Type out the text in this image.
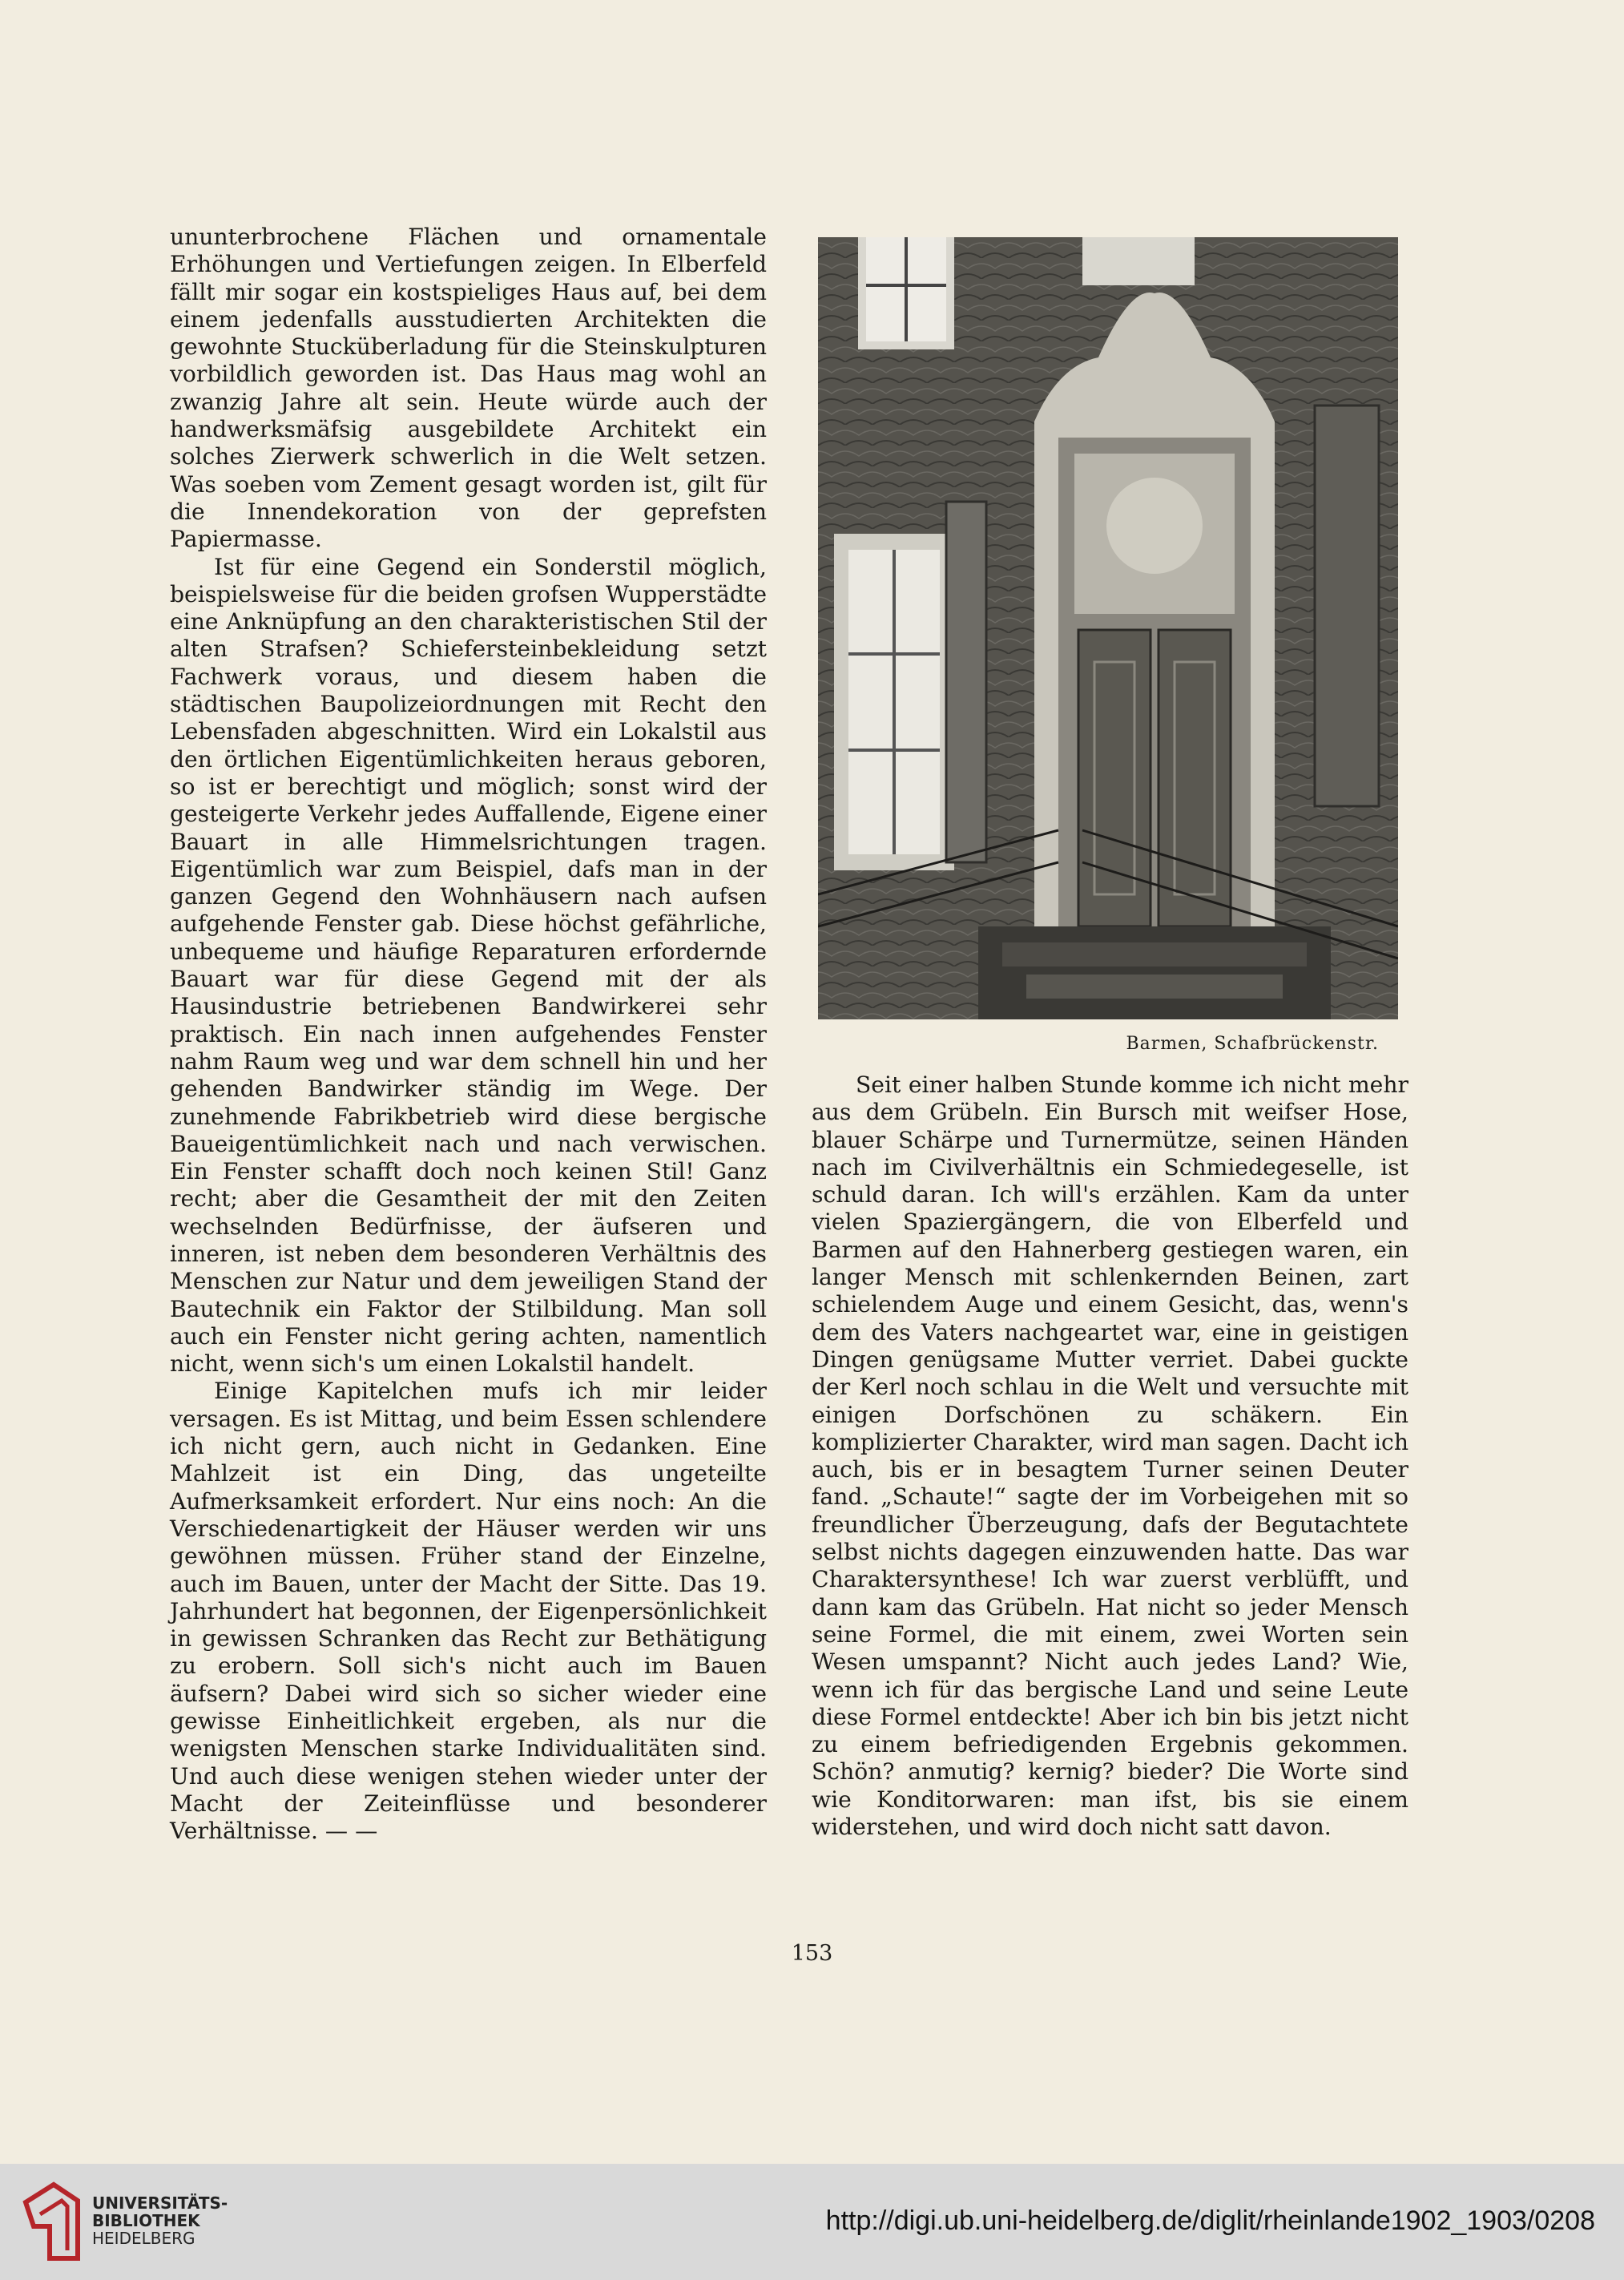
ununterbrochene Flächen und ornamentale Erhöhungen und Vertiefungen zeigen. In Elberfeld fällt mir sogar ein kostspieliges Haus auf, bei dem einem jedenfalls ausstudierten Architekten die gewohnte Stucküberladung für die Steinskulpturen vorbildlich geworden ist. Das Haus mag wohl an zwanzig Jahre alt sein. Heute würde auch der handwerksmäfsig ausgebildete Architekt ein solches Zierwerk schwerlich in die Welt setzen. Was soeben vom Zement gesagt worden ist, gilt für die Innendekoration von der geprefsten Papiermasse.

Ist für eine Gegend ein Sonderstil möglich, beispielsweise für die beiden grofsen Wupperstädte eine Anknüpfung an den charakteristischen Stil der alten Strafsen? Schiefersteinbekleidung setzt Fachwerk voraus, und diesem haben die städtischen Baupolizeiordnungen mit Recht den Lebensfaden abgeschnitten. Wird ein Lokalstil aus den örtlichen Eigentümlichkeiten heraus geboren, so ist er berechtigt und möglich; sonst wird der gesteigerte Verkehr jedes Auffallende, Eigene einer Bauart in alle Himmelsrichtungen tragen. Eigentümlich war zum Beispiel, dafs man in der ganzen Gegend den Wohnhäusern nach aufsen aufgehende Fenster gab. Diese höchst gefährliche, unbequeme und häufige Reparaturen erfordernde Bauart war für diese Gegend mit der als Hausindustrie betriebenen Bandwirkerei sehr praktisch. Ein nach innen aufgehendes Fenster nahm Raum weg und war dem schnell hin und her gehenden Bandwirker ständig im Wege. Der zunehmende Fabrikbetrieb wird diese bergische Baueigentümlichkeit nach und nach verwischen. Ein Fenster schafft doch noch keinen Stil! Ganz recht; aber die Gesamtheit der mit den Zeiten wechselnden Bedürfnisse, der äufseren und inneren, ist neben dem besonderen Verhältnis des Menschen zur Natur und dem jeweiligen Stand der Bautechnik ein Faktor der Stilbildung. Man soll auch ein Fenster nicht gering achten, namentlich nicht, wenn sich's um einen Lokalstil handelt.

Einige Kapitelchen mufs ich mir leider versagen. Es ist Mittag, und beim Essen schlendere ich nicht gern, auch nicht in Gedanken. Eine Mahlzeit ist ein Ding, das ungeteilte Aufmerksamkeit erfordert. Nur eins noch: An die Verschiedenartigkeit der Häuser werden wir uns gewöhnen müssen. Früher stand der Einzelne, auch im Bauen, unter der Macht der Sitte. Das 19. Jahrhundert hat begonnen, der Eigenpersönlichkeit in gewissen Schranken das Recht zur Bethätigung zu erobern. Soll sich's nicht auch im Bauen äufsern? Dabei wird sich so sicher wieder eine gewisse Einheitlichkeit ergeben, als nur die wenigsten Menschen starke Individualitäten sind. Und auch diese wenigen stehen wieder unter der Macht der Zeiteinflüsse und besonderer Verhältnisse. — —

Barmen, Schafbrückenstr.

Seit einer halben Stunde komme ich nicht mehr aus dem Grübeln. Ein Bursch mit weifser Hose, blauer Schärpe und Turnermütze, seinen Händen nach im Civilverhältnis ein Schmiedegeselle, ist schuld daran. Ich will's erzählen. Kam da unter vielen Spaziergängern, die von Elberfeld und Barmen auf den Hahnerberg gestiegen waren, ein langer Mensch mit schlenkernden Beinen, zart schielendem Auge und einem Gesicht, das, wenn's dem des Vaters nachgeartet war, eine in geistigen Dingen genügsame Mutter verriet. Dabei guckte der Kerl noch schlau in die Welt und versuchte mit einigen Dorfschönen zu schäkern. Ein komplizierter Charakter, wird man sagen. Dacht ich auch, bis er in besagtem Turner seinen Deuter fand. „Schaute!“ sagte der im Vorbeigehen mit so freundlicher Überzeugung, dafs der Begutachtete selbst nichts dagegen einzuwenden hatte. Das war Charaktersynthese! Ich war zuerst verblüfft, und dann kam das Grübeln. Hat nicht so jeder Mensch seine Formel, die mit einem, zwei Worten sein Wesen umspannt? Nicht auch jedes Land? Wie, wenn ich für das bergische Land und seine Leute diese Formel entdeckte! Aber ich bin bis jetzt nicht zu einem befriedigenden Ergebnis gekommen. Schön? anmutig? kernig? bieder? Die Worte sind wie Konditorwaren: man ifst, bis sie einem widerstehen, und wird doch nicht satt davon.

153
UNIVERSITÄTS-
BIBLIOTHEK
HEIDELBERG
http://digi.ub.uni-heidelberg.de/diglit/rheinlande1902_1903/0208
